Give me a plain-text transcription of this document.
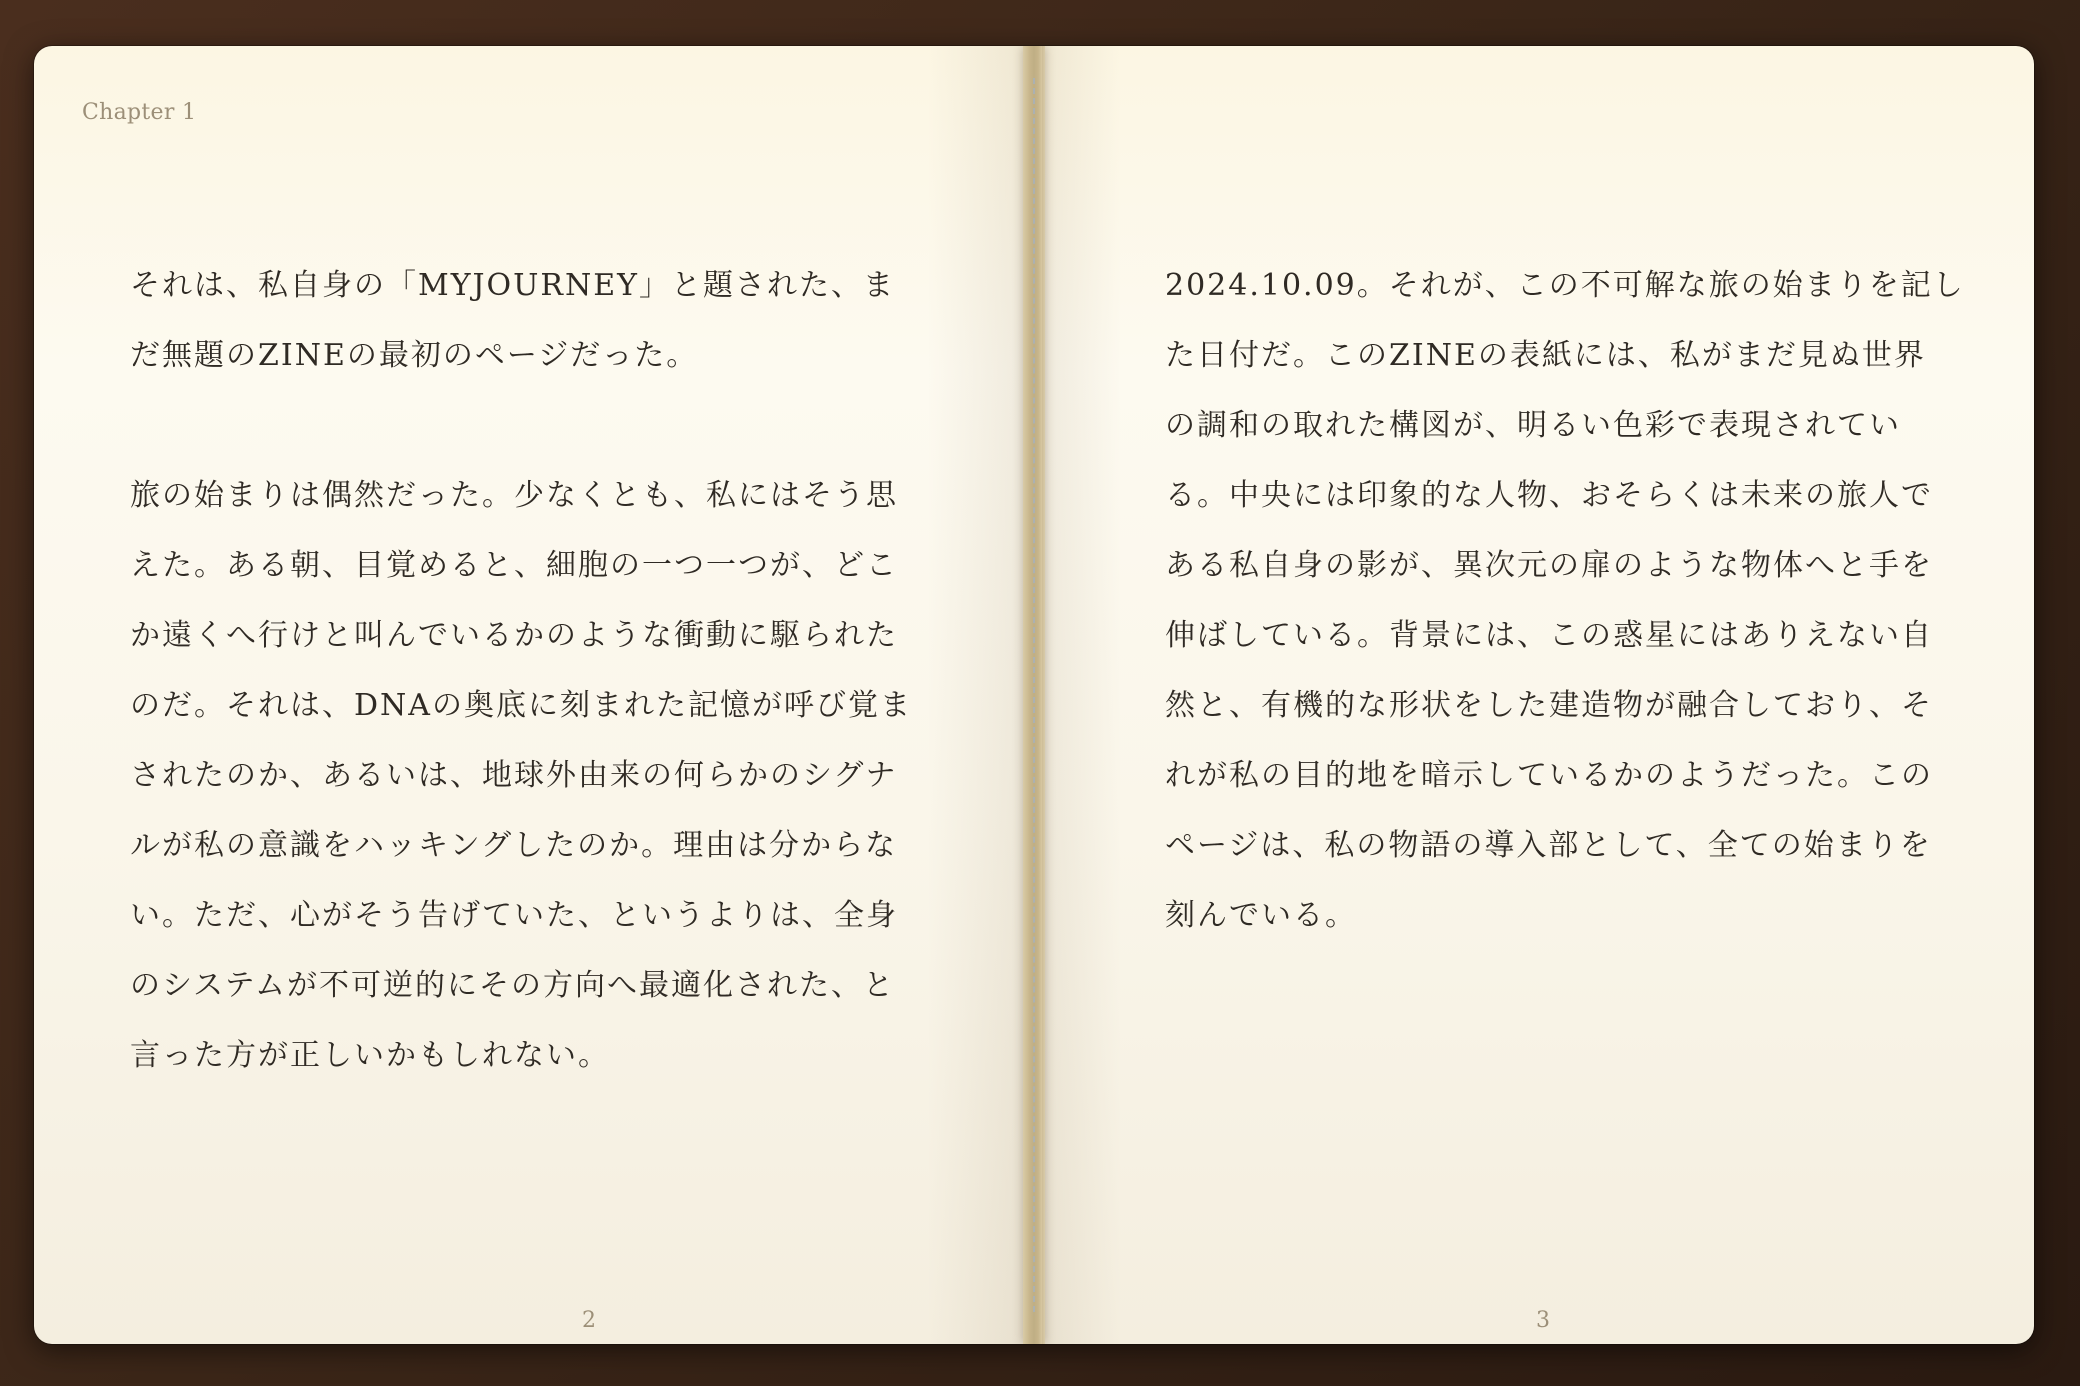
Chapter 1
それは、私自身の「MYJOURNEY」と題された、ま
だ無題のZINEの最初のページだった。
旅の始まりは偶然だった。少なくとも、私にはそう思
えた。ある朝、目覚めると、細胞の一つ一つが、どこ
か遠くへ行けと叫んでいるかのような衝動に駆られた
のだ。それは、DNAの奥底に刻まれた記憶が呼び覚ま
されたのか、あるいは、地球外由来の何らかのシグナ
ルが私の意識をハッキングしたのか。理由は分からな
い。ただ、心がそう告げていた、というよりは、全身
のシステムが不可逆的にその方向へ最適化された、と
言った方が正しいかもしれない。
2
2024.10.09。それが、この不可解な旅の始まりを記し
た日付だ。このZINEの表紙には、私がまだ見ぬ世界
の調和の取れた構図が、明るい色彩で表現されてい
る。中央には印象的な人物、おそらくは未来の旅人で
ある私自身の影が、異次元の扉のような物体へと手を
伸ばしている。背景には、この惑星にはありえない自
然と、有機的な形状をした建造物が融合しており、そ
れが私の目的地を暗示しているかのようだった。この
ページは、私の物語の導入部として、全ての始まりを
刻んでいる。
3
